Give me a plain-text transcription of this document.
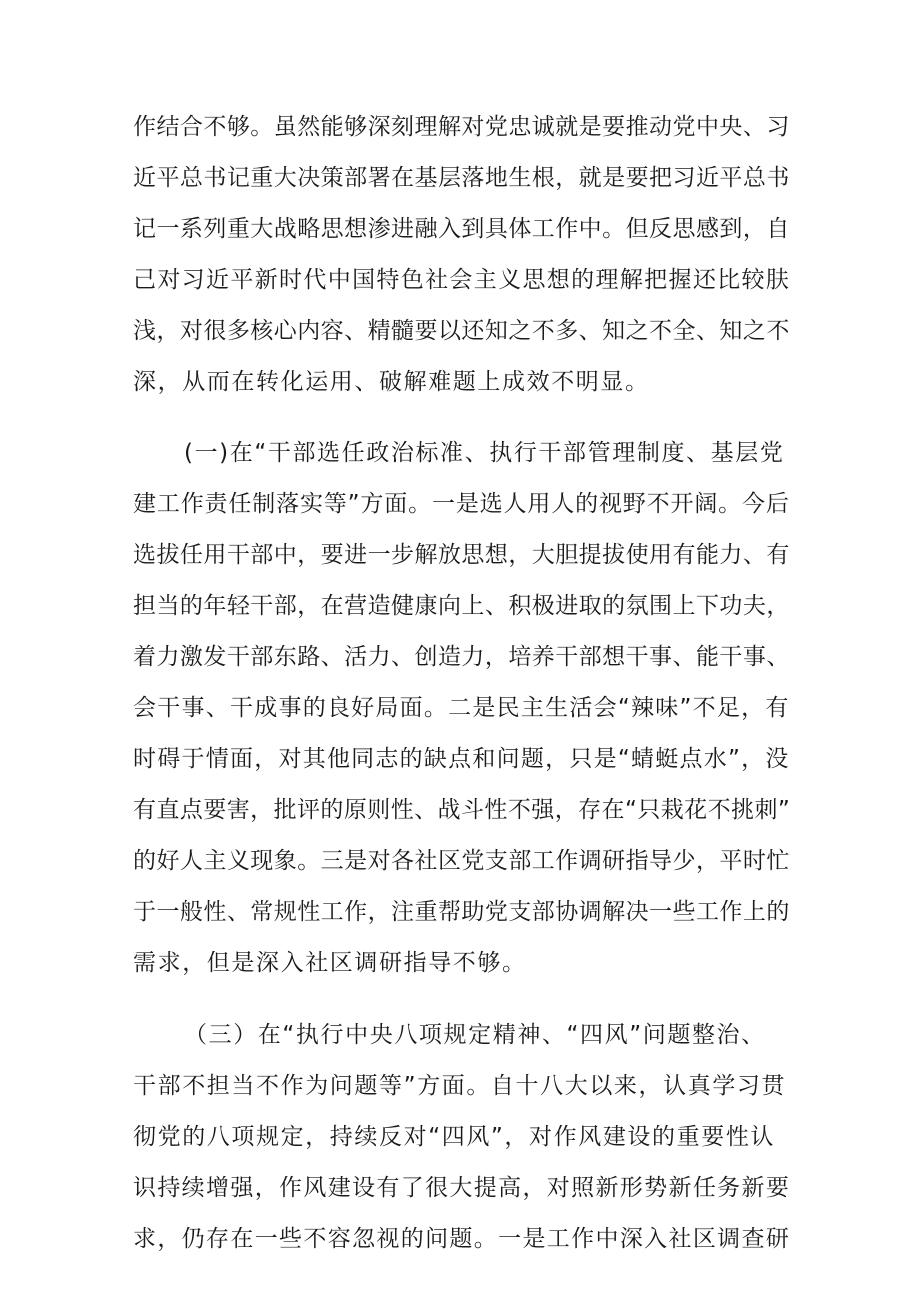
作结合不够。虽然能够深刻理解对党忠诚就是要推动党中央、习
近平总书记重大决策部署在基层落地生根，就是要把习近平总书
记一系列重大战略思想渗进融入到具体工作中。但反思感到，自
己对习近平新时代中国特色社会主义思想的理解把握还比较肤
浅，对很多核心内容、精髓要以还知之不多、知之不全、知之不
深，从而在转化运用、破解难题上成效不明显。
(一)在“干部选任政治标准、执行干部管理制度、基层党
建工作责任制落实等”方面。一是选人用人的视野不开阔。今后
选拔任用干部中，要进一步解放思想，大胆提拔使用有能力、有
担当的年轻干部，在营造健康向上、积极进取的氛围上下功夫，
着力激发干部东路、活力、创造力，培养干部想干事、能干事、
会干事、干成事的良好局面。二是民主生活会“辣味”不足，有
时碍于情面，对其他同志的缺点和问题，只是“蜻蜓点水”，没
有直点要害，批评的原则性、战斗性不强，存在“只栽花不挑刺”
的好人主义现象。三是对各社区党支部工作调研指导少，平时忙
于一般性、常规性工作，注重帮助党支部协调解决一些工作上的
需求，但是深入社区调研指导不够。
（三）在“执行中央八项规定精神、“四风”问题整治、
干部不担当不作为问题等”方面。自十八大以来，认真学习贯
彻党的八项规定，持续反对“四风”，对作风建设的重要性认
识持续增强，作风建设有了很大提高，对照新形势新任务新要
求，仍存在一些不容忽视的问题。一是工作中深入社区调查研
